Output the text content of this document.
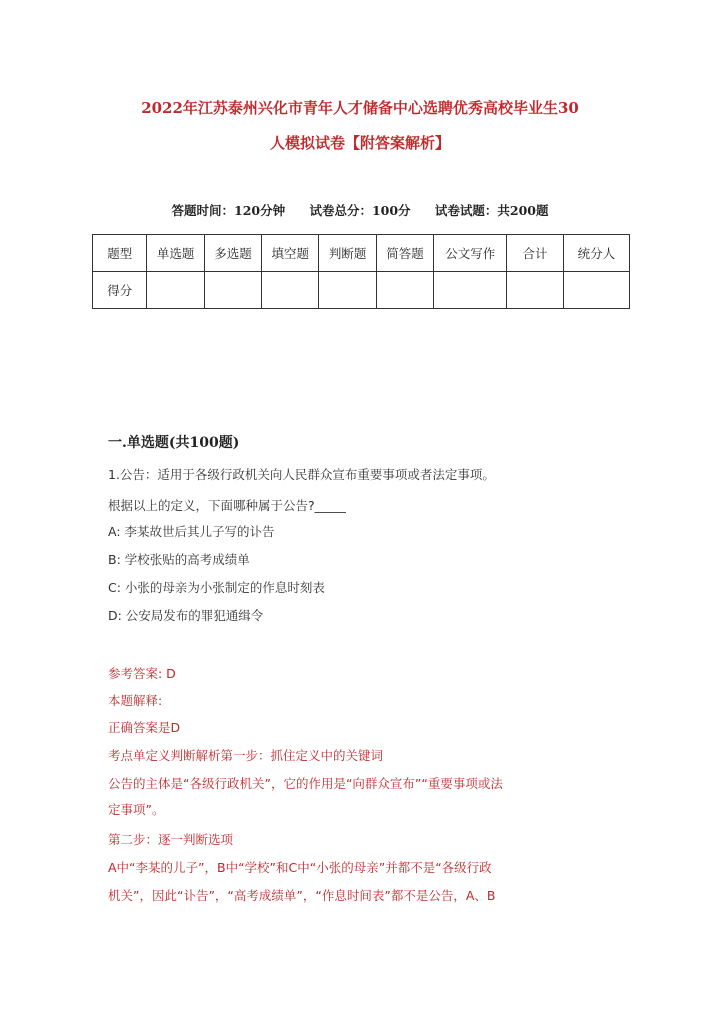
2022年江苏泰州兴化市青年人才储备中心选聘优秀高校毕业生30
人模拟试卷【附答案解析】
答题时间：120分钟 试卷总分：100分 试卷试题：共200题
题型	单选题	多选题	填空题	判断题	简答题	公文写作	合计	统分人
得分								
一.单选题(共100题)
1.公告：适用于各级行政机关向人民群众宣布重要事项或者法定事项。
根据以上的定义，下面哪种属于公告?_____
A: 李某故世后其儿子写的讣告
B: 学校张贴的高考成绩单
C: 小张的母亲为小张制定的作息时刻表
D: 公安局发布的罪犯通缉令
参考答案: D
本题解释:
正确答案是D
考点单定义判断解析第一步：抓住定义中的关键词
公告的主体是“各级行政机关”，它的作用是“向群众宣布”“重要事项或法
定事项”。
第二步：逐一判断选项
A中“李某的儿子”，B中“学校”和C中“小张的母亲”并都不是“各级行政
机关”，因此“讣告”，“高考成绩单”，“作息时间表”都不是公告，A、B
